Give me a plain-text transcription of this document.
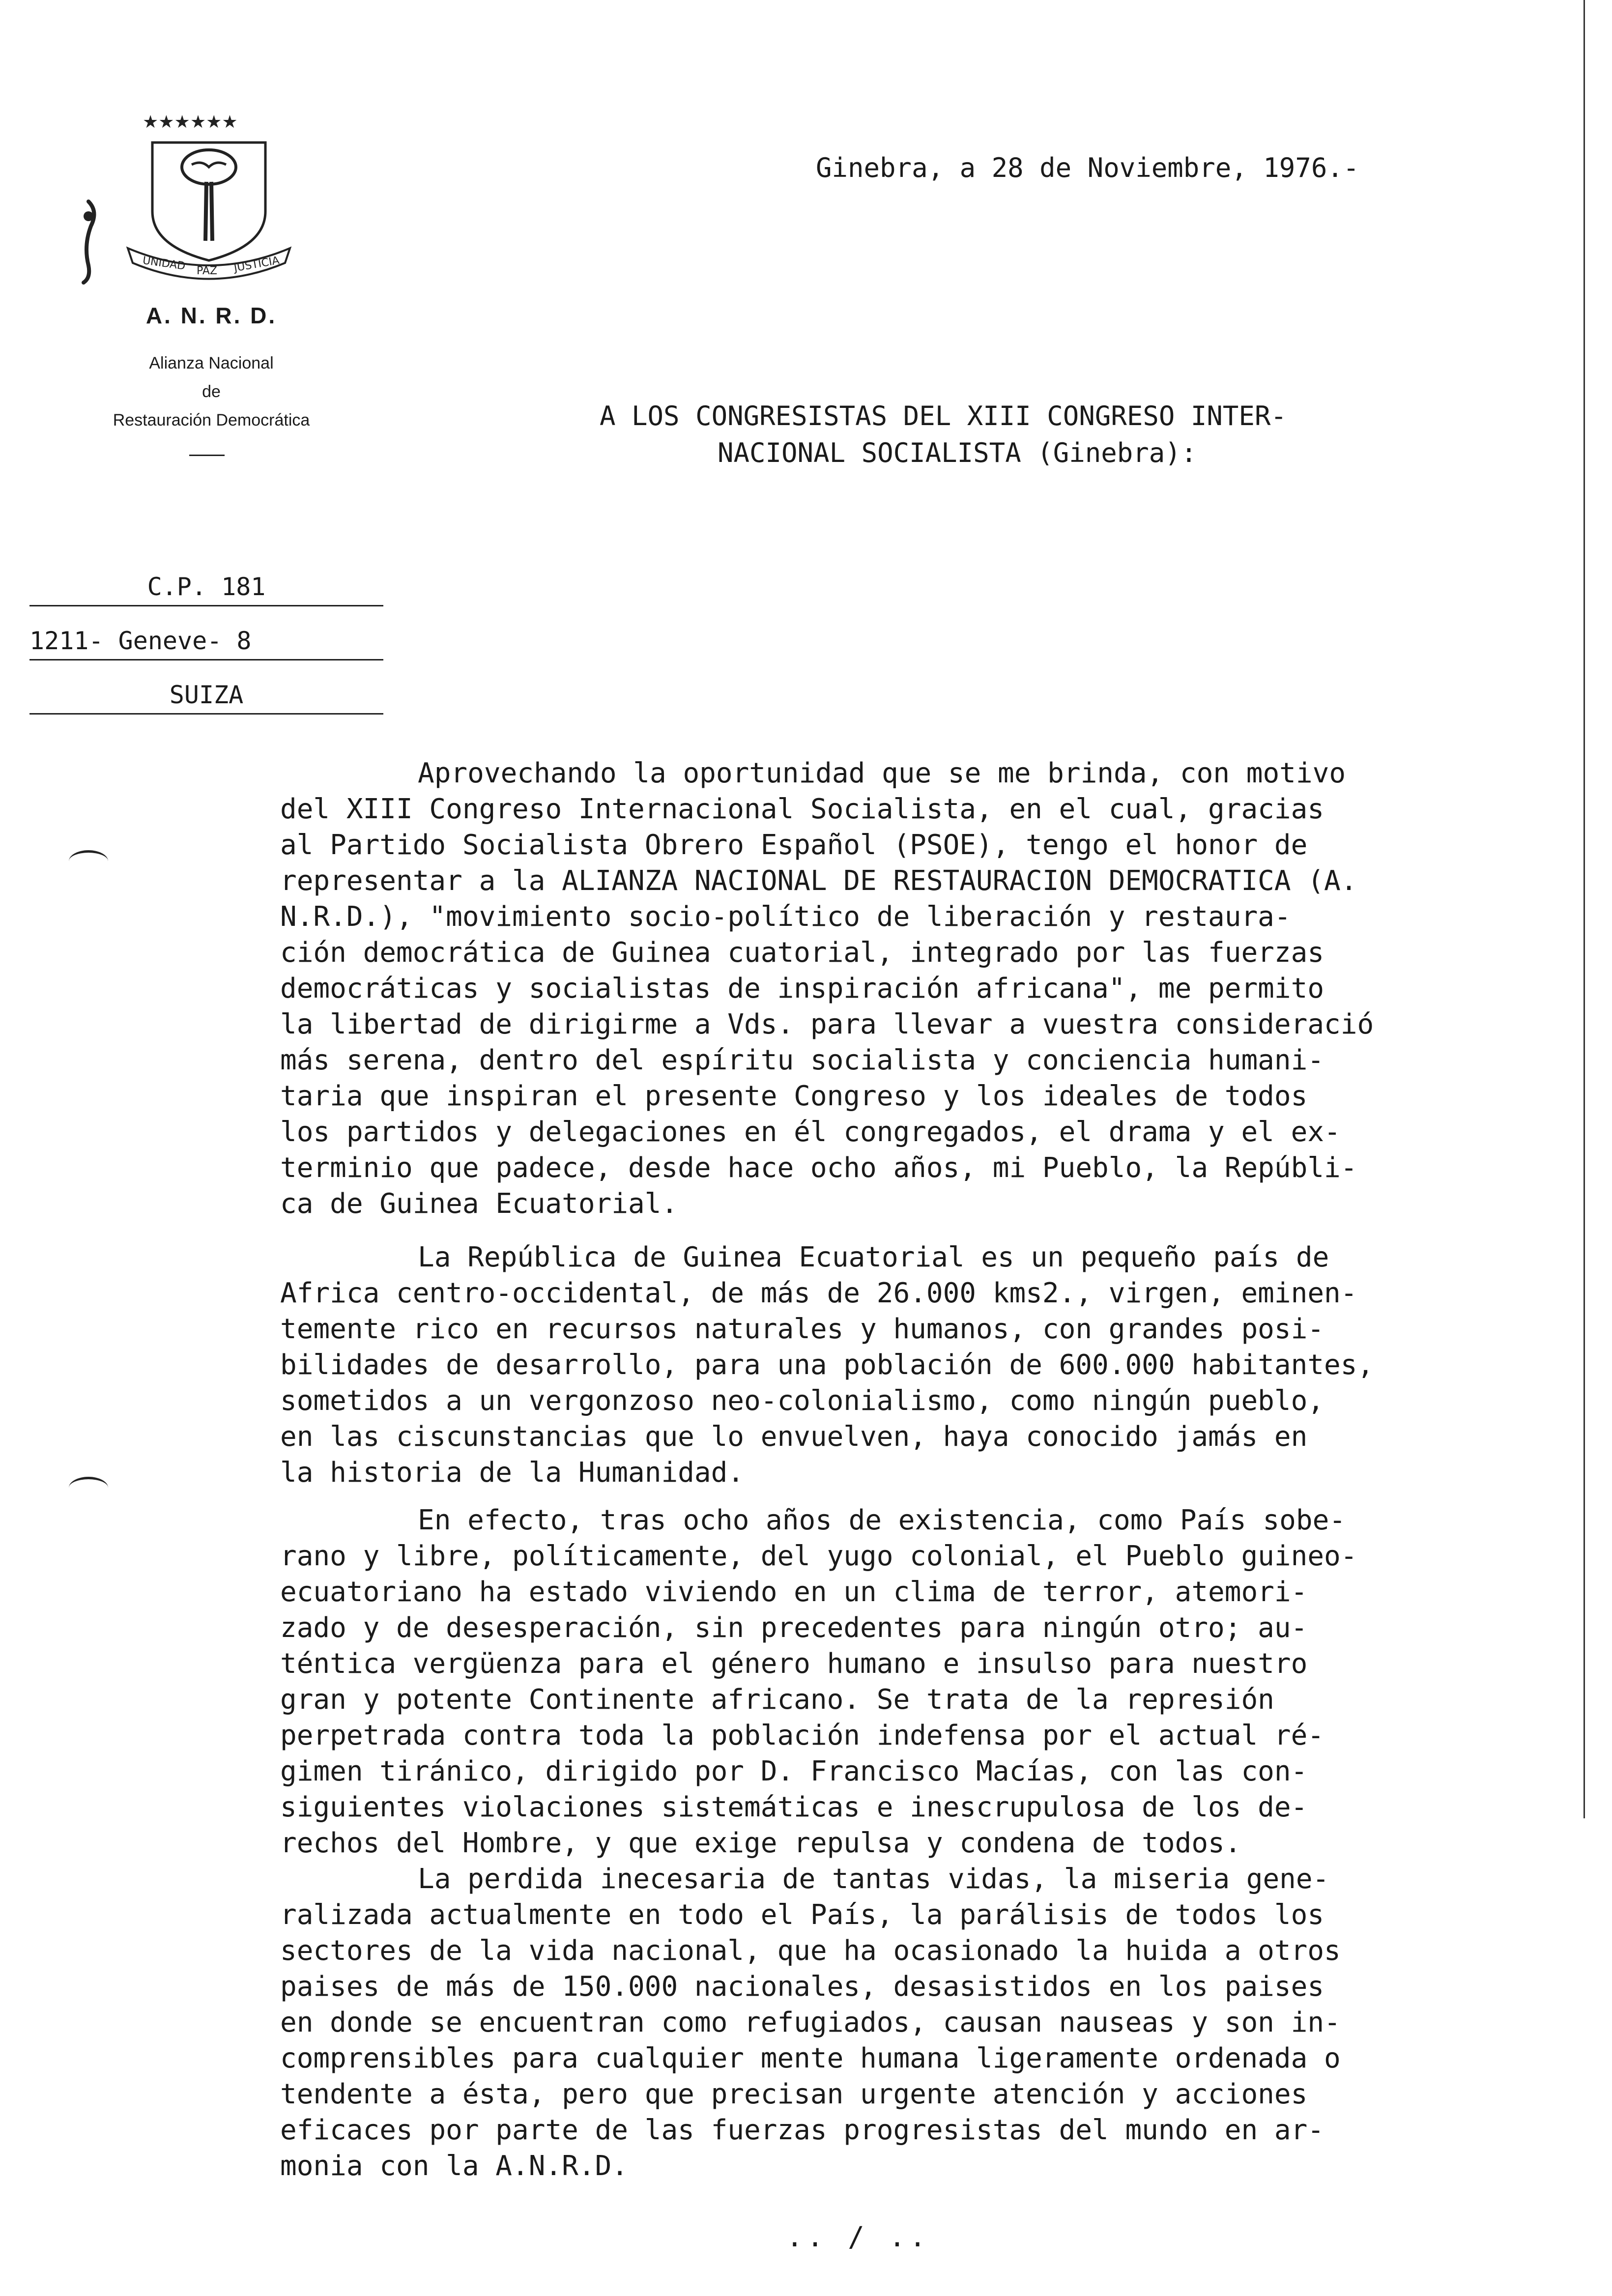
★★★★★★
UNIDAD PAZ JUSTICIA
A. N. R. D.
Alianza Nacional
de
Restauración Democrática
C.P. 181
1211- Geneve- 8
SUIZA
Ginebra, a 28 de Noviembre, 1976.-
A LOS CONGRESISTAS DEL XIII CONGRESO INTER-
NACIONAL SOCIALISTA (Ginebra):
Aprovechando la oportunidad que se me brinda, con motivo
del XIII Congreso Internacional Socialista, en el cual, gracias
al Partido Socialista Obrero Español (PSOE), tengo el honor de
representar a la ALIANZA NACIONAL DE RESTAURACION DEMOCRATICA (A.
N.R.D.), "movimiento socio-político de liberación y restaura-
ción democrática de Guinea cuatorial, integrado por las fuerzas
democráticas y socialistas de inspiración africana", me permito
la libertad de dirigirme a Vds. para llevar a vuestra consideració
más serena, dentro del espíritu socialista y conciencia humani-
taria que inspiran el presente Congreso y los ideales de todos
los partidos y delegaciones en él congregados, el drama y el ex-
terminio que padece, desde hace ocho años, mi Pueblo, la Repúbli-
ca de Guinea Ecuatorial.
La República de Guinea Ecuatorial es un pequeño país de
Africa centro-occidental, de más de 26.000 kms2., virgen, eminen-
temente rico en recursos naturales y humanos, con grandes posi-
bilidades de desarrollo, para una población de 600.000 habitantes,
sometidos a un vergonzoso neo-colonialismo, como ningún pueblo,
en las ciscunstancias que lo envuelven, haya conocido jamás en
la historia de la Humanidad.
En efecto, tras ocho años de existencia, como País sobe-
rano y libre, políticamente, del yugo colonial, el Pueblo guineo-
ecuatoriano ha estado viviendo en un clima de terror, atemori-
zado y de desesperación, sin precedentes para ningún otro; au-
téntica vergüenza para el género humano e insulso para nuestro
gran y potente Continente africano. Se trata de la represión
perpetrada contra toda la población indefensa por el actual ré-
gimen tiránico, dirigido por D. Francisco Macías, con las con-
siguientes violaciones sistemáticas e inescrupulosa de los de-
rechos del Hombre, y que exige repulsa y condena de todos.
La perdida inecesaria de tantas vidas, la miseria gene-
ralizada actualmente en todo el País, la parálisis de todos los
sectores de la vida nacional, que ha ocasionado la huida a otros
paises de más de 150.000 nacionales, desasistidos en los paises
en donde se encuentran como refugiados, causan nauseas y son in-
comprensibles para cualquier mente humana ligeramente ordenada o
tendente a ésta, pero que precisan urgente atención y acciones
eficaces por parte de las fuerzas progresistas del mundo en ar-
monia con la A.N.R.D.
.. / ..
